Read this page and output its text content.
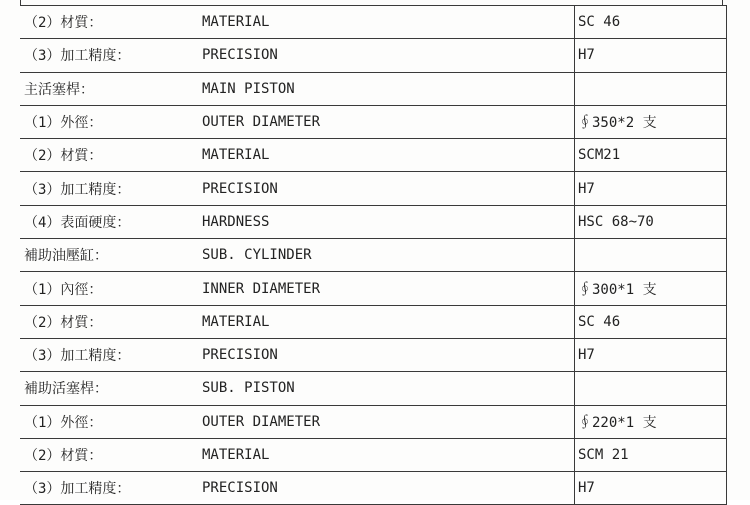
（2）材質：	MATERIAL	SC 46
（3）加工精度：	PRECISION	H7
主活塞桿：	MAIN PISTON	
（1）外徑：	OUTER DIAMETER	∮350*2 支
（2）材質：	MATERIAL	SCM21
（3）加工精度：	PRECISION	H7
（4）表面硬度：	HARDNESS	HSC 68~70
補助油壓缸：	SUB. CYLINDER	
（1）內徑：	INNER DIAMETER	∮300*1 支
（2）材質：	MATERIAL	SC 46
（3）加工精度：	PRECISION	H7
補助活塞桿：	SUB. PISTON	
（1）外徑：	OUTER DIAMETER	∮220*1 支
（2）材質：	MATERIAL	SCM 21
（3）加工精度：	PRECISION	H7
